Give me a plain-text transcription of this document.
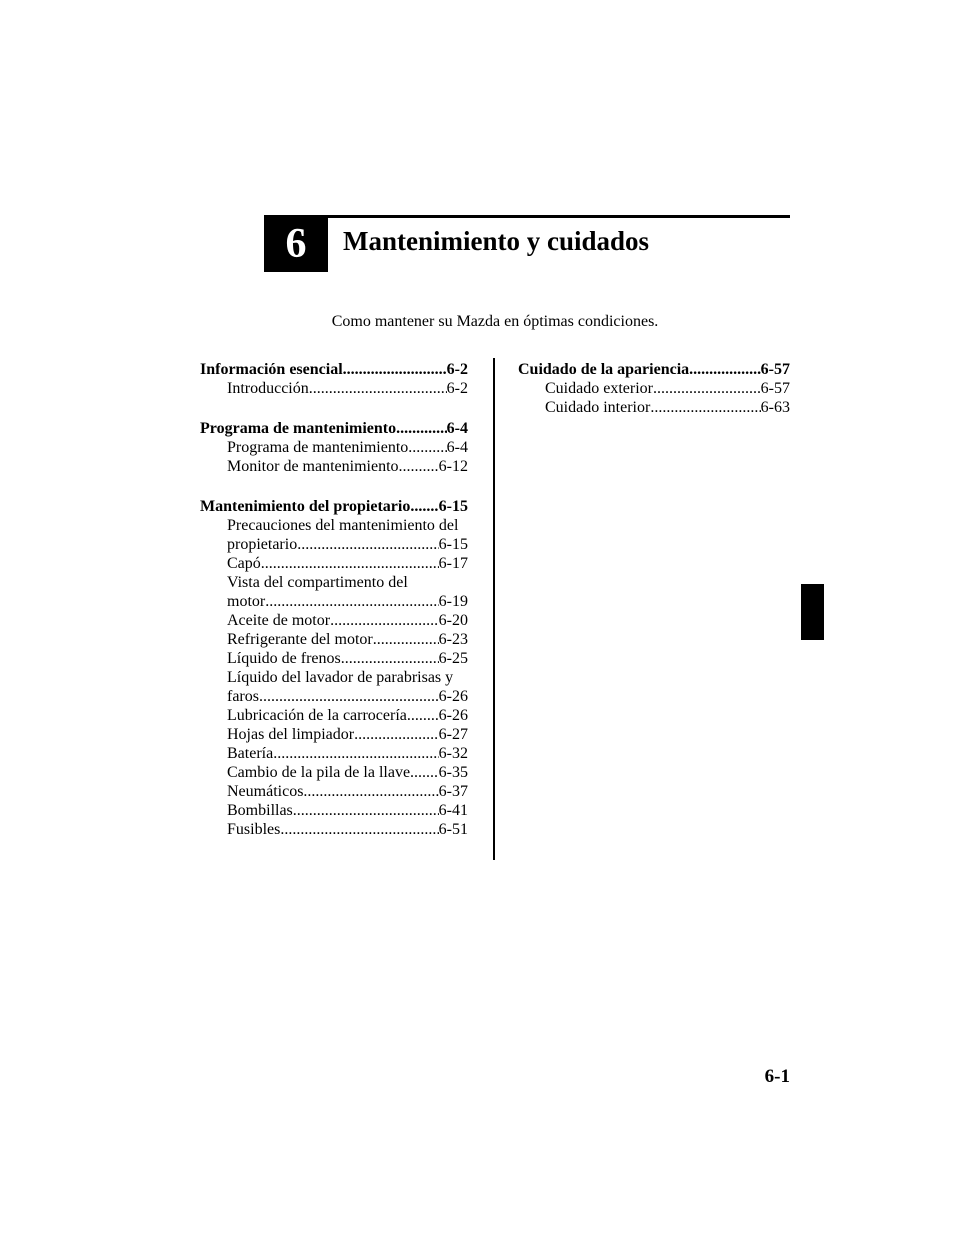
6 Mantenimiento y cuidados
Como mantener su Mazda en óptimas condiciones.
Información esencial .....	6-2
Introducción .....	6-2
Programa de mantenimiento .....	6-4
Programa de mantenimiento ..... 6-4
Monitor de mantenimiento .....	6-12
Mantenimiento del propietario ..... 6-15
Precauciones del mantenimiento del
propietario .....	6-15
Capó .....	6-17
Vista del compartimento del
motor .....	6-19
Aceite de motor .....	6-20
Refrigerante del motor .....	6-23
Líquido de frenos .....	6-25
Líquido del lavador de parabrisas y
faros .....	6-26
Lubricación de la carrocería ..... 6-26
Hojas del limpiador .....	6-27
Batería .....	6-32
Cambio de la pila de la llave ..... 6-35
Neumáticos .....	6-37
Bombillas .....	6-41
Fusibles .....	6-51
Cuidado de la apariencia .....	6-57
Cuidado exterior .....	6-57
Cuidado interior .....	6-63
6-1
